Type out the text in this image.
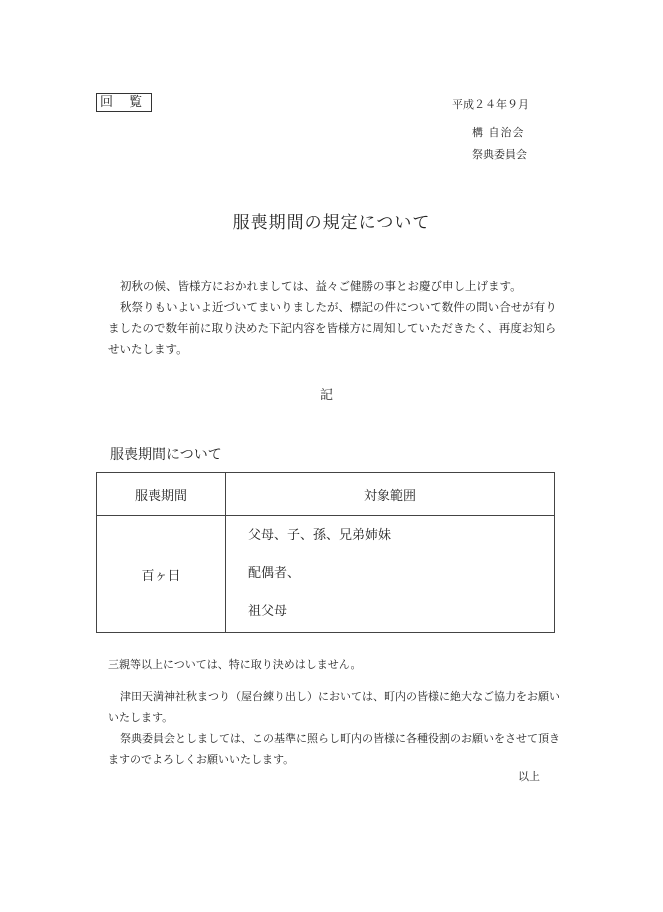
回 覧	平成２４年９月
構 自治会
祭典委員会
服喪期間の規定について

初秋の候、皆様方におかれましては、益々ご健勝の事とお慶び申し上げます。

秋祭りもいよいよ近づいてまいりましたが、標記の件について数件の問い合せが有りましたので数年前に取り決めた下記内容を皆様方に周知していただきたく、再度お知らせいたします。

記
服喪期間について
服喪期間	対象範囲
百ヶ日	父母、子、孫、兄弟姉妹
配偶者、
祖父母
三親等以上については、特に取り決めはしません。

津田天満神社秋まつり（屋台練り出し）においては、町内の皆様に絶大なご協力をお願いいたします。

祭典委員会としましては、この基準に照らし町内の皆様に各種役割のお願いをさせて頂きますのでよろしくお願いいたします。

以上
